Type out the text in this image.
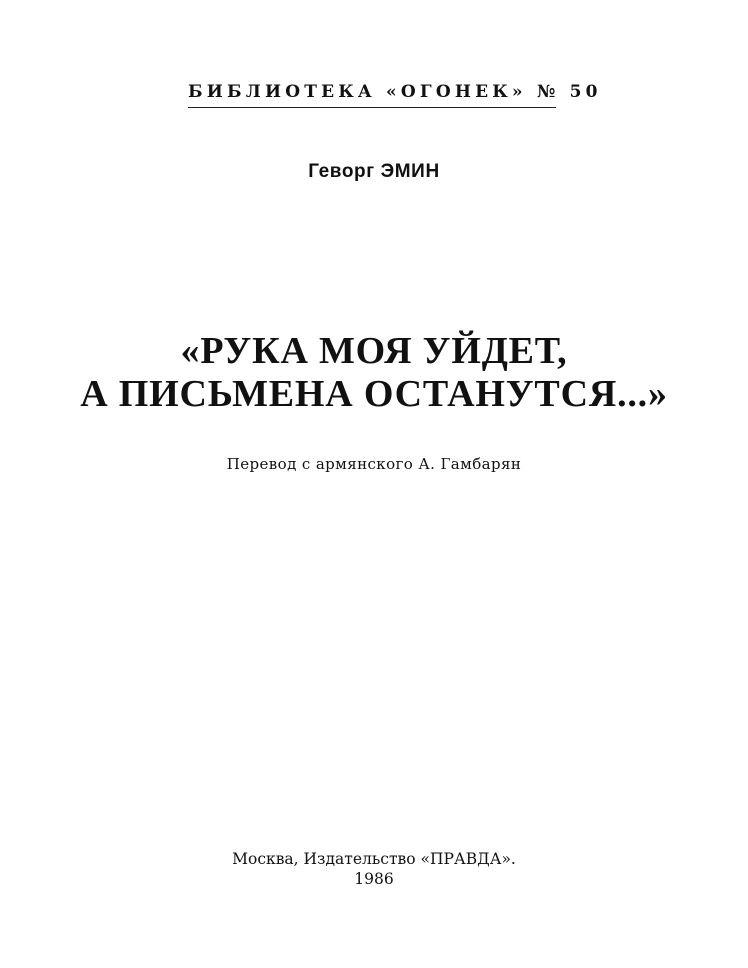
БИБЛИОТЕКА «ОГОНЕК» № 50
Геворг ЭМИН
«РУКА МОЯ УЙДЕТ,
А ПИСЬМЕНА ОСТАНУТСЯ...»
Перевод с армянского А. Гамбарян
Москва, Издательство «ПРАВДА».
1986
